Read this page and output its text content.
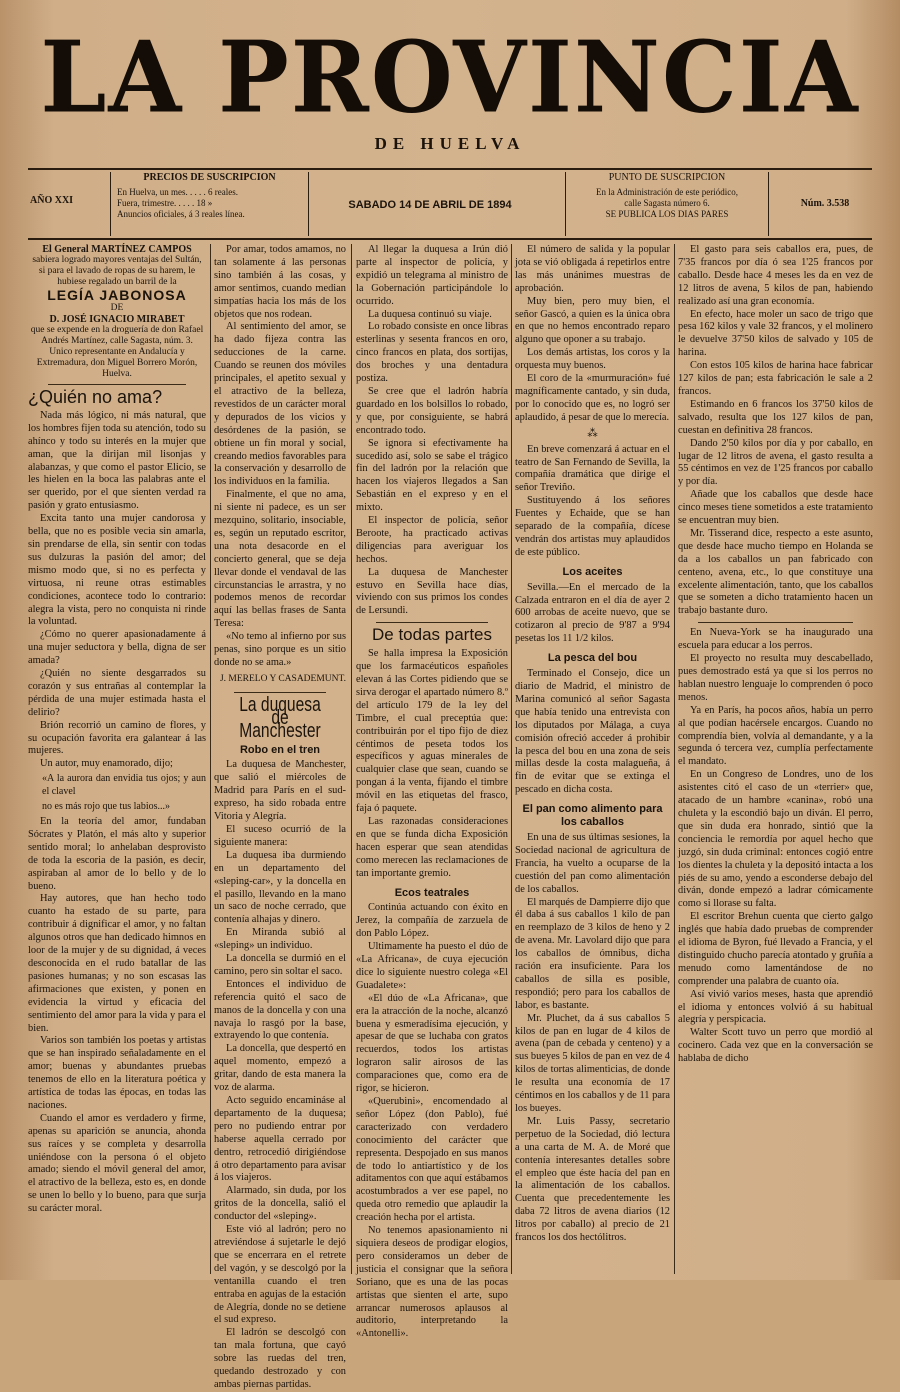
LA PROVINCIA
DE HUELVA
AÑO XXI
PRECIOS DE SUSCRIPCION
En Huelva, un mes. . . . . 6 reales.
Fuera, trimestre. . . . . 18 »
Anuncios oficiales, á 3 reales línea.
SABADO 14 DE ABRIL DE 1894
PUNTO DE SUSCRIPCION
En la Administración de este periódico,
calle Sagasta número 6.
SE PUBLICA LOS DIAS PARES
Núm. 3.538
El General MARTÍNEZ CAMPOS
sabiera logrado mayores ventajas del Sultán, si para el lavado de ropas de su harem, le hubiese regalado un barril de la
LEGÍA JABONOSA
DE
D. JOSÉ IGNACIO MIRABET
que se expende en la droguería de don Rafael Andrés Martínez, calle Sagasta, núm. 3.
Unico representante en Andalucía y Extremadura, don Miguel Borrero Morón, Huelva.
¿Quién no ama?

Nada más lógico, ni más natural, que los hombres fijen toda su atención, todo su ahínco y todo su interés en la mujer que aman, que la dirijan mil lisonjas y alabanzas, y que como el pastor Elicio, se les hielen en la boca las palabras ante el ser querido, por el que sienten verdad ra pasión y grato entusiasmo.

Excita tanto una mujer candorosa y bella, que no es posible vecia sin amarla, sin prendarse de ella, sin sentir con todas sus dulzuras la pasión del amor; del mismo modo que, si no es perfecta y virtuosa, ni reune otras estimables condiciones, acontece todo lo contrario: alegra la vista, pero no conquista ni rinde la voluntad.

¿Cómo no querer apasionadamente á una mujer seductora y bella, digna de ser amada?

¿Quién no siente desgarrados su corazón y sus entrañas al contemplar la pérdida de una mujer estimada hasta el delirio?

Brión recorrió un camino de flores, y su ocupación favorita era galantear á las mujeres.

Un autor, muy enamorado, dijo;

«A la aurora dan envidia tus ojos; y aun el clavel
no es más rojo que tus labios...»

En la teoría del amor, fundaban Sócrates y Platón, el más alto y superior sentido moral; lo anhelaban desprovisto de toda la escoria de la pasión, es decir, aspiraban al amor de lo bello y de lo bueno.

Hay autores, que han hecho todo cuanto ha estado de su parte, para contribuir á dignificar el amor, y no faltan algunos otros que han dedicado himnos en loor de la mujer y de su dignidad, á veces desconocida en el rudo batallar de las pasiones humanas; y no son escasas las afirmaciones que existen, y ponen en evidencia la virtud y eficacia del sentimiento del amor para la vida y para el bien.

Varios son también los poetas y artistas que se han inspirado señaladamente en el amor; buenas y abundantes pruebas tenemos de ello en la literatura poética y artística de todas las épocas, en todas las naciones.

Cuando el amor es verdadero y firme, apenas su aparición se anuncia, ahonda sus raíces y se completa y desarrolla uniéndose con la persona ó el objeto amado; siendo el móvil general del amor, el atractivo de la belleza, esto es, en donde se unen lo bello y lo bueno, para que surja su carácter moral.

Por amar, todos amamos, no tan solamente á las personas sino también á las cosas, y amor sentimos, cuando median simpatías hacia los más de los objetos que nos rodean.

Al sentimiento del amor, se ha dado fijeza contra las seducciones de la carne. Cuando se reunen dos móviles principales, el apetito sexual y el atractivo de la belleza, revestidos de un carácter moral y depurados de los vicios y desórdenes de la pasión, se obtiene un fin moral y social, creando medios favorables para la conservación y desarrollo de los individuos en la familia.

Finalmente, el que no ama, ni siente ni padece, es un ser mezquino, solitario, insociable, es, según un reputado escritor, una nota desacorde en el concierto general, que se deja llevar donde el vendaval de las circunstancias le arrastra, y no podemos menos de recordar aquí las bellas frases de Santa Teresa:

«No temo al infierno por sus penas, sino porque es un sitio donde no se ama.»

J. MERELO Y CASADEMUNT.
La duquesa de Manchester
Robo en el tren

La duquesa de Manchester, que salió el miércoles de Madrid para París en el sud-expreso, ha sido robada entre Vitoria y Alegría.

El suceso ocurrió de la siguiente manera:

La duquesa iba durmiendo en un departamento del «sleping-car», y la doncella en el pasillo, llevando en la mano un saco de noche cerrado, que contenía alhajas y dinero.

En Miranda subió al «sleping» un individuo.

La doncella se durmió en el camino, pero sin soltar el saco.

Entonces el individuo de referencia quitó el saco de manos de la doncella y con una navaja lo rasgó por la base, extrayendo lo que contenía.

La doncella, que despertó en aquel momento, empezó a gritar, dando de esta manera la voz de alarma.

Acto seguido encamináse al departamento de la duquesa; pero no pudiendo entrar por haberse aquella cerrado por dentro, retrocedió dirigiéndose á otro departamento para avisar á los viajeros.

Alarmado, sin duda, por los gritos de la doncella, salió el conductor del «sleping».

Este vió al ladrón; pero no atreviéndose á sujetarle le dejó que se encerrara en el retrete del vagón, y se descolgó por la ventanilla cuando el tren entraba en agujas de la estación de Alegría, donde no se detiene el sud expreso.

El ladrón se descolgó con tan mala fortuna, que cayó sobre las ruedas del tren, quedando destrozado y con ambas piernas partidas.

Al llegar la duquesa a Irún dió parte al inspector de policía, y expidió un telegrama al ministro de la Gobernación participándole lo ocurrido.

La duquesa continuó su viaje.

Lo robado consiste en once libras esterlinas y sesenta francos en oro, cinco francos en plata, dos sortijas, dos broches y una dentadura postiza.

Se cree que el ladrón habría guardado en los bolsillos lo robado, y que, por consiguiente, se habrá encontrado todo.

Se ignora si efectivamente ha sucedido así, solo se sabe el trágico fin del ladrón por la relación que hacen los viajeros llegados a San Sebastián en el expreso y en el mixto.

El inspector de policía, señor Beroote, ha practicado activas diligencias para averiguar los hechos.

La duquesa de Manchester estuvo en Sevilla hace días, viviendo con sus primos los condes de Lersundi.

De todas partes

Se halla impresa la Exposición que los farmacéuticos españoles elevan á las Cortes pidiendo que se sirva derogar el apartado número 8.º del artículo 179 de la ley del Timbre, el cual preceptúa que: contribuirán por el tipo fijo de diez céntimos de peseta todos los específicos y aguas minerales de cualquier clase que sean, cuando se pongan á la venta, fijando el timbre móvil en las etiquetas del frasco, faja ó paquete.

Las razonadas consideraciones en que se funda dicha Exposición hacen esperar que sean atendidas como merecen las reclamaciones de tan importante gremio.

Ecos teatrales

Continúa actuando con éxito en Jerez, la compañía de zarzuela de don Pablo López.

Ultimamente ha puesto el dúo de «La Africana», de cuya ejecución dice lo siguiente nuestro colega «El Guadalete»:

«El dúo de «La Africana», que era la atracción de la noche, alcanzó buena y esmeradísima ejecución, y apesar de que se luchaba con gratos recuerdos, todos los artistas lograron salir airosos de las comparaciones que, como era de rigor, se hicieron.

«Querubini», encomendado al señor López (don Pablo), fué caracterizado con verdadero conocimiento del carácter que representa. Despojado en sus manos de todo lo antiartístico y de los aditamentos con que aquí estábamos acostumbrados a ver ese papel, no queda otro remedio que aplaudir la creación hecha por el artista.

No tenemos apasionamiento ni siquiera deseos de prodigar elogios, pero consideramos un deber de justicia el consignar que la señora Soriano, que es una de las pocas artistas que sienten el arte, supo arrancar numerosos aplausos al auditorio, interpretando la «Antonelli».

El número de salida y la popular jota se vió obligada á repetirlos entre las más unánimes muestras de aprobación.

Muy bien, pero muy bien, el señor Gascó, a quien es la única obra en que no hemos encontrado reparo alguno que oponer a su trabajo.

Los demás artistas, los coros y la orquesta muy buenos.

El coro de la «murmuración» fué magníficamente cantado, y sin duda, por lo conocido que es, no logró ser aplaudido, á pesar de que lo merecía.

⁂

En breve comenzará á actuar en el teatro de San Fernando de Sevilla, la compañía dramática que dirige el señor Treviño.

Sustituyendo á los señores Fuentes y Echaide, que se han separado de la compañía, dícese vendrán dos artistas muy aplaudidos de este público.

Los aceites

Sevilla.—En el mercado de la Calzada entraron en el día de ayer 2 600 arrobas de aceite nuevo, que se cotizaron al precio de 9'87 a 9'94 pesetas los 11 1/2 kilos.

La pesca del bou

Terminado el Consejo, dice un diario de Madrid, el ministro de Marina comunicó al señor Sagasta que había tenido una entrevista con los diputados por Málaga, a cuya comisión ofreció acceder á prohibir la pesca del bou en una zona de seis millas desde la costa malagueña, á fin de evitar que se extinga el pescado en dicha costa.

El pan como alimento para los caballos

En una de sus últimas sesiones, la Sociedad nacional de agricultura de Francia, ha vuelto a ocuparse de la cuestión del pan como alimentación de los caballos.

El marqués de Dampierre dijo que él daba á sus caballos 1 kilo de pan en reemplazo de 3 kilos de heno y 2 de avena. Mr. Lavolard dijo que para los caballos de ómnibus, dicha ración era insuficiente. Para los caballos de silla es posible, respondió; pero para los caballos de labor, es bastante.

Mr. Pluchet, da á sus caballos 5 kilos de pan en lugar de 4 kilos de avena (pan de cebada y centeno) y a sus bueyes 5 kilos de pan en vez de 4 kilos de tortas alimenticias, de donde le resulta una economía de 17 céntimos en los caballos y de 11 para los bueyes.

Mr. Luis Passy, secretario perpetuo de la Sociedad, dió lectura a una carta de M. A. de Moré que contenía interesantes detalles sobre el empleo que éste hacía del pan en la alimentación de los caballos. Cuenta que precedentemente les daba 72 litros de avena diarios (12 litros por caballo) al precio de 21 francos los dos hectólitros.

El gasto para seis caballos era, pues, de 7'35 francos por día ó sea 1'25 francos por caballo. Desde hace 4 meses les da en vez de 12 litros de avena, 5 kilos de pan, habiendo realizado así una gran economía.

En efecto, hace moler un saco de trigo que pesa 162 kilos y vale 32 francos, y el molinero le devuelve 37'50 kilos de salvado y 105 de harina.

Con estos 105 kilos de harina hace fabricar 127 kilos de pan; esta fabricación le sale a 2 francos.

Estimando en 6 francos los 37'50 kilos de salvado, resulta que los 127 kilos de pan, cuestan en definitiva 28 francos.

Dando 2'50 kilos por día y por caballo, en lugar de 12 litros de avena, el gasto resulta a 55 céntimos en vez de 1'25 francos por caballo y por día.

Añade que los caballos que desde hace cinco meses tiene sometidos a este tratamiento se encuentran muy bien.

Mr. Tisserand dice, respecto a este asunto, que desde hace mucho tiempo en Holanda se da a los caballos un pan fabricado con centeno, avena, etc., lo que constituye una excelente alimentación, tanto, que los caballos que se someten a dicho tratamiento hacen un trabajo bastante duro.

En Nueva-York se ha inaugurado una escuela para educar a los perros.

El proyecto no resulta muy descabellado, pues demostrado está ya que si los perros no hablan nuestro lenguaje lo comprenden ó poco menos.

Ya en París, ha pocos años, había un perro al que podían hacérsele encargos. Cuando no comprendía bien, volvía al demandante, y a la segunda ó tercera vez, cumplía perfectamente el mandato.

En un Congreso de Londres, uno de los asistentes citó el caso de un «terrier» que, atacado de un hambre «canina», robó una chuleta y la escondió bajo un diván. El perro, que sin duda era honrado, sintió que la conciencia le remordía por aquel hecho que juzgó, sin duda criminal: entonces cogió entre los dientes la chuleta y la depositó intacta a los piés de su amo, yendo a esconderse debajo del diván, donde empezó a ladrar cómicamente como si llorase su falta.

El escritor Brehun cuenta que cierto galgo inglés que había dado pruebas de comprender el idioma de Byron, fué llevado a Francia, y el distinguido chucho parecía atontado y gruñía a menudo como lamentándose de no comprender una palabra de cuanto oía.

Así vivió varios meses, hasta que aprendió el idioma y entonces volvió á su habitual alegría y perspicacia.

Walter Scott tuvo un perro que mordió al cocinero. Cada vez que en la conversación se hablaba de dicho
